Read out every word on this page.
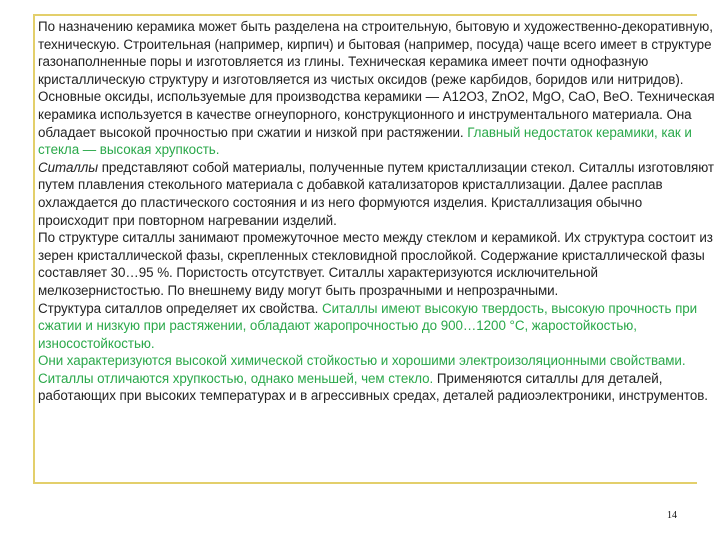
По назначению керамика может быть разделена на строительную, бытовую и художественно-декоративную, техническую. Строительная (например, кирпич) и бытовая (например, посуда) чаще всего имеет в структуре газонаполненные поры и изготовляется из глины. Техническая керамика имеет почти однофазную кристаллическую структуру и изготовляется из чистых оксидов (реже карбидов, боридов или нитридов). Основные оксиды, используемые для производства керамики — А12О3, ZnO2, MgO, CaO, BeO. Техническая керамика используется в качестве огнеупорного, конструкционного и инструментального материала. Она обладает высокой прочностью при сжатии и низкой при растяжении. Главный недостаток керамики, как и стекла — высокая хрупкость.

Ситаллы представляют собой материалы, полученные путем кристаллизации стекол. Ситаллы изготовляют путем плавления стекольного материала с добавкой катализаторов кристаллизации. Далее расплав охлаждается до пластического состояния и из него формуются изделия. Кристаллизация обычно происходит при повторном нагревании изделий.

По структуре ситаллы занимают промежуточное место между стеклом и керамикой. Их структура состоит из зерен кристаллической фазы, скрепленных стекловидной прослойкой. Содержание кристаллической фазы составляет 30…95 %. Пористость отсутствует. Ситаллы характеризуются исключительной мелкозернистостью. По внешнему виду могут быть прозрачными и непрозрачными.

Структура ситаллов определяет их свойства. Ситаллы имеют высокую твердость, высокую прочность при сжатии и низкую при растяжении, обладают жаропрочностью до 900…1200 °С, жаростойкостью, износостойкостью.

Они характеризуются высокой химической стойкостью и хорошими электроизоляционными свойствами. Ситаллы отличаются хрупкостью, однако меньшей, чем стекло. Применяются ситаллы для деталей, работающих при высоких температурах и в агрессивных средах, деталей радиоэлектроники, инструментов.

14
